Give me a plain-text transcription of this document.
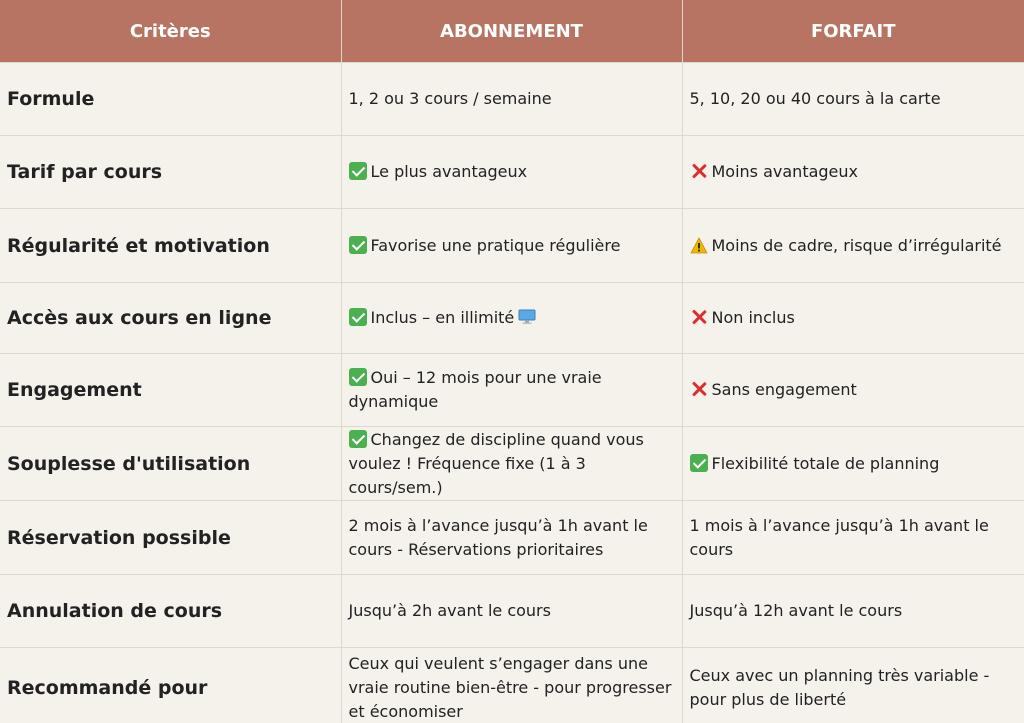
Critères	ABONNEMENT	FORFAIT
Formule	1, 2 ou 3 cours / semaine	5, 10, 20 ou 40 cours à la carte
Tarif par cours	Le plus avantageux	Moins avantageux
Régularité et motivation	Favorise une pratique régulière	Moins de cadre, risque d’irrégularité
Accès aux cours en ligne	Inclus – en illimité	Non inclus
Engagement	Oui – 12 mois pour une vraie dynamique	Sans engagement
Souplesse d'utilisation	Changez de discipline quand vous voulez ! Fréquence fixe (1 à 3 cours/sem.)	Flexibilité totale de planning
Réservation possible	2 mois à l’avance jusqu’à 1h avant le cours - Réservations prioritaires	1 mois à l’avance jusqu’à 1h avant le cours
Annulation de cours	Jusqu’à 2h avant le cours	Jusqu’à 12h avant le cours
Recommandé pour	Ceux qui veulent s’engager dans une vraie routine bien-être - pour progresser et économiser	Ceux avec un planning très variable - pour plus de liberté
